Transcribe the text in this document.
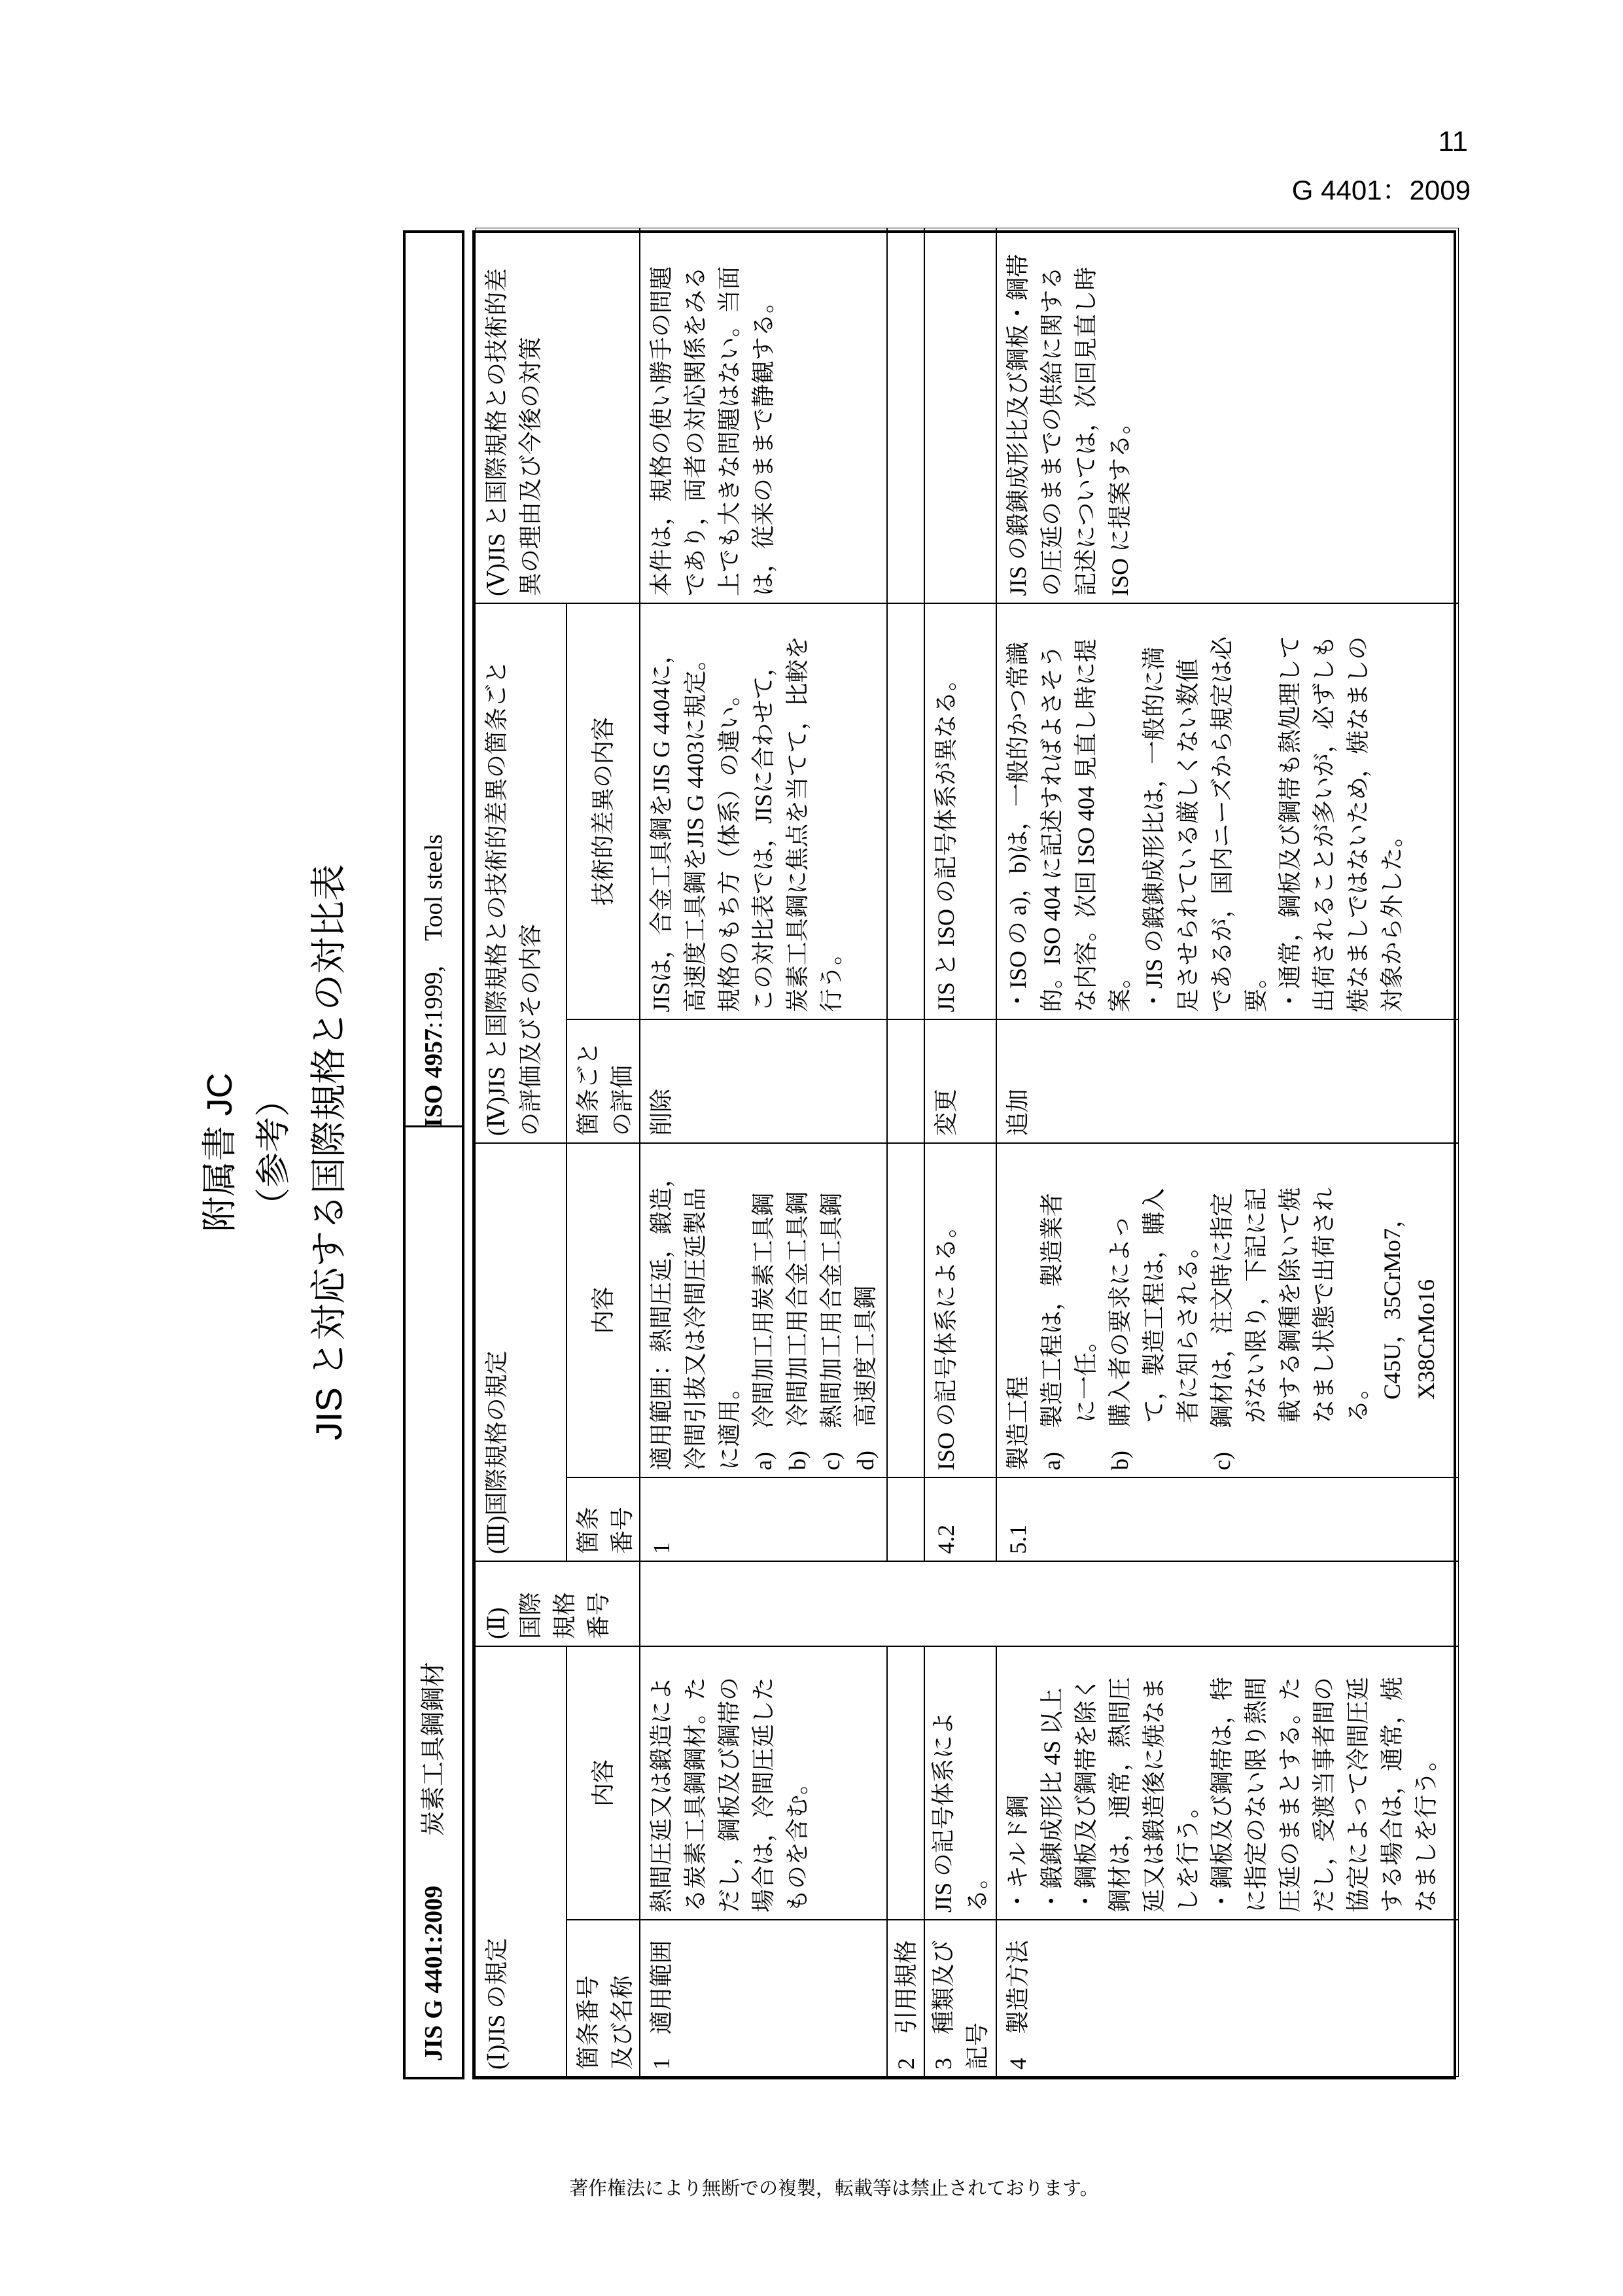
11
G 4401：2009
附属書 JC （参考） JIS と対応する国際規格との対比表
JIS G 4401:2009　　炭素工具鋼鋼材
ISO 4957:1999,　Tool steels
(Ⅰ)JIS の規定
(Ⅱ)
国際
規格
番号
(Ⅲ)国際規格の規定
(Ⅳ)JIS と国際規格との技術的差異の箇条ごと
の評価及びその内容
(Ⅴ)JIS と国際規格との技術的差
異の理由及び今後の対策
箇条番号
及び名称
内容
箇条
番号
内容
箇条ごと
の評価
技術的差異の内容
1　適用範囲
熱間圧延又は鍛造によ
る炭素工具鋼鋼材。た
だし，鋼板及び鋼帯の
場合は，冷間圧延した
ものを含む。
1
適用範囲：熱間圧延，鍛造，
冷間引抜又は冷間圧延製品
に適用。
a)　冷間加工用炭素工具鋼
b)　冷間加工用合金工具鋼
c)　熱間加工用合金工具鋼
d)　高速度工具鋼
削除
JISは，合金工具鋼をJIS G 4404に，
高速度工具鋼をJIS G 4403に規定。
規格のもち方（体系）の違い。
この対比表では，JISに合わせて，
炭素工具鋼に焦点を当てて，比較を
行う。
本件は，規格の使い勝手の問題
であり，両者の対応関係をみる
上でも大きな問題はない。当面
は，従来のままで静観する。
2　引用規格 3　種類及び
記号
JIS の記号体系によ
る。
4.2
ISO の記号体系による。
変更
JIS と ISO の記号体系が異なる。
4　製造方法
・キルド鋼
・鍛錬成形比 4S 以上
・鋼板及び鋼帯を除く
鋼材は，通常，熱間圧
延又は鍛造後に焼なま
しを行う。
・鋼板及び鋼帯は，特
に指定のない限り熱間
圧延のままとする。た
だし，受渡当事者間の
協定によって冷間圧延
する場合は，通常，焼
なましを行う。
5.1
製造工程
a)　製造工程は，製造業者
　　に一任。
b)　購入者の要求によっ
　　て，製造工程は，購入
　　者に知らされる。
c)　鋼材は，注文時に指定
　　がない限り，下記に記
　　載する鋼種を除いて焼
　　なまし状態で出荷され
　　る。
　　　C45U，35CrMo7，
　　　X38CrMo16
追加
・ISO の a)，b)は，一般的かつ常識
的。ISO 404 に記述すればよさそう
な内容。次回 ISO 404 見直し時に提
案。
・JIS の鍛錬成形比は，一般的に満
足させられている厳しくない数値
であるが，国内ニーズから規定は必
要。
・通常，鋼板及び鋼帯も熱処理して
出荷されることが多いが，必ずしも
焼なましではないため，焼なましの
対象から外した。
JIS の鍛錬成形比及び鋼板・鋼帯
の圧延のままでの供給に関する
記述については，次回見直し時
ISO に提案する。
著作権法により無断での複製，転載等は禁止されております。
